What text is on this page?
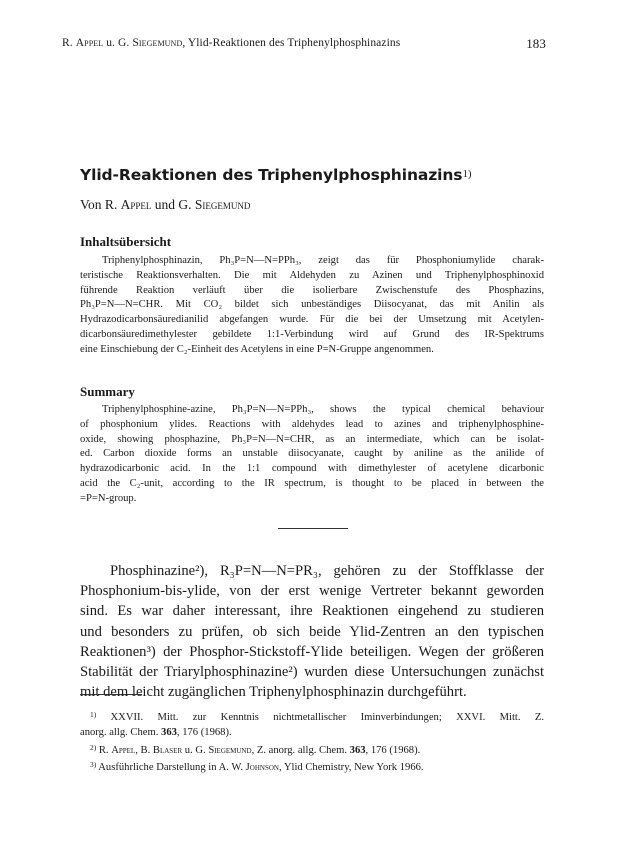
R. Appel u. G. Siegemund, Ylid-Reaktionen des Triphenylphosphinazins	183
Ylid-Reaktionen des Triphenylphosphinazins$^{1)}$
Von R. Appel und G. Siegemund
Inhaltsübersicht
Triphenylphosphinazin, Ph₃P=N—N=PPh₃, zeigt das für Phosphoniumylide charak-
teristische Reaktionsverhalten. Die mit Aldehyden zu Azinen und Triphenylphosphinoxid
führende Reaktion verläuft über die isolierbare Zwischenstufe des Phosphazins,
Ph₃P=N—N=CHR. Mit CO₂ bildet sich unbeständiges Diisocyanat, das mit Anilin als
Hydrazodicarbonsäuredianilid abgefangen wurde. Für die bei der Umsetzung mit Acetylen-
dicarbonsäuredimethylester gebildete 1:1-Verbindung wird auf Grund des IR-Spektrums
eine Einschiebung der C₂-Einheit des Acetylens in eine P=N-Gruppe angenommen.
Summary
Triphenylphosphine-azine, Ph₃P=N—N=PPh₃, shows the typical chemical behaviour
of phosphonium ylides. Reactions with aldehydes lead to azines and triphenylphosphine-
oxide, showing phosphazine, Ph₃P=N—N=CHR, as an intermediate, which can be isolat-
ed. Carbon dioxide forms an unstable diisocyanate, caught by aniline as the anilide of
hydrazodicarbonic acid. In the 1:1 compound with dimethylester of acetylene dicarbonic
acid the C₂-unit, according to the IR spectrum, is thought to be placed in between the
=P=N-group.
Phosphinazine²), R₃P=N—N=PR₃, gehören zu der Stoffklasse der
Phosphonium-bis-ylide, von der erst wenige Vertreter bekannt geworden
sind. Es war daher interessant, ihre Reaktionen eingehend zu studieren
und besonders zu prüfen, ob sich beide Ylid-Zentren an den typischen
Reaktionen³) der Phosphor-Stickstoff-Ylide beteiligen. Wegen der größeren
Stabilität der Triarylphosphinazine²) wurden diese Untersuchungen zunächst
mit dem leicht zugänglichen Triphenylphosphinazin durchgeführt.
$^{1)}$ XXVII. Mitt. zur Kenntnis nichtmetallischer Iminverbindungen; XXVI. Mitt. Z.
anorg. allg. Chem. 363, 176 (1968).
$^{2)}$ R. Appel, B. Blaser u. G. Siegemund, Z. anorg. allg. Chem. 363, 176 (1968).
$^{3)}$ Ausführliche Darstellung in A. W. Johnson, Ylid Chemistry, New York 1966.
